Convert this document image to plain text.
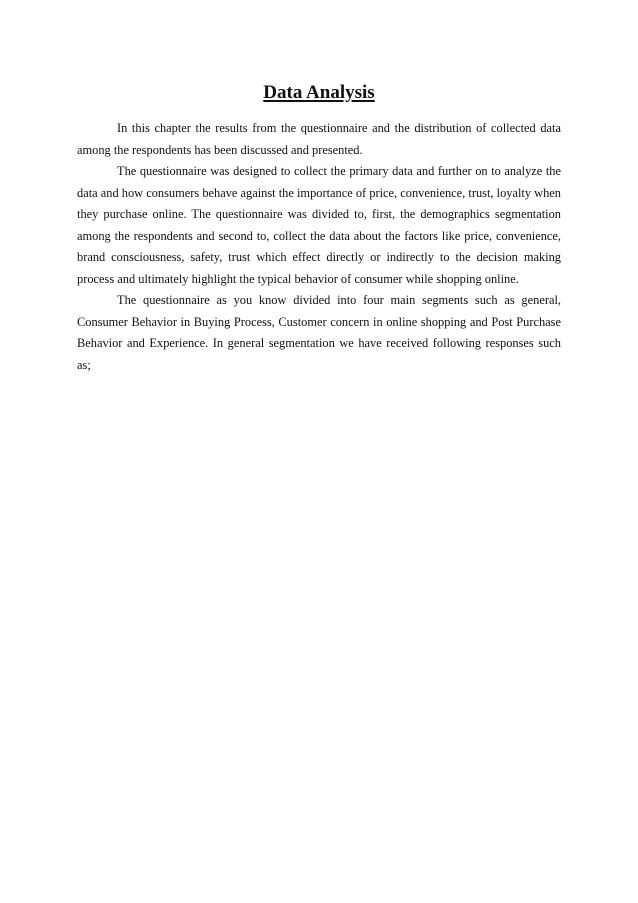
Data Analysis

In this chapter the results from the questionnaire and the distribution of collected data among the respondents has been discussed and presented.

The questionnaire was designed to collect the primary data and further on to analyze the data and how consumers behave against the importance of price, convenience, trust, loyalty when they purchase online. The questionnaire was divided to, first, the demographics segmentation among the respondents and second to, collect the data about the factors like price, convenience, brand consciousness, safety, trust which effect directly or indirectly to the decision making process and ultimately highlight the typical behavior of consumer while shopping online.

The questionnaire as you know divided into four main segments such as general, Consumer Behavior in Buying Process, Customer concern in online shopping and Post Purchase Behavior and Experience. In general segmentation we have received following responses such as;
